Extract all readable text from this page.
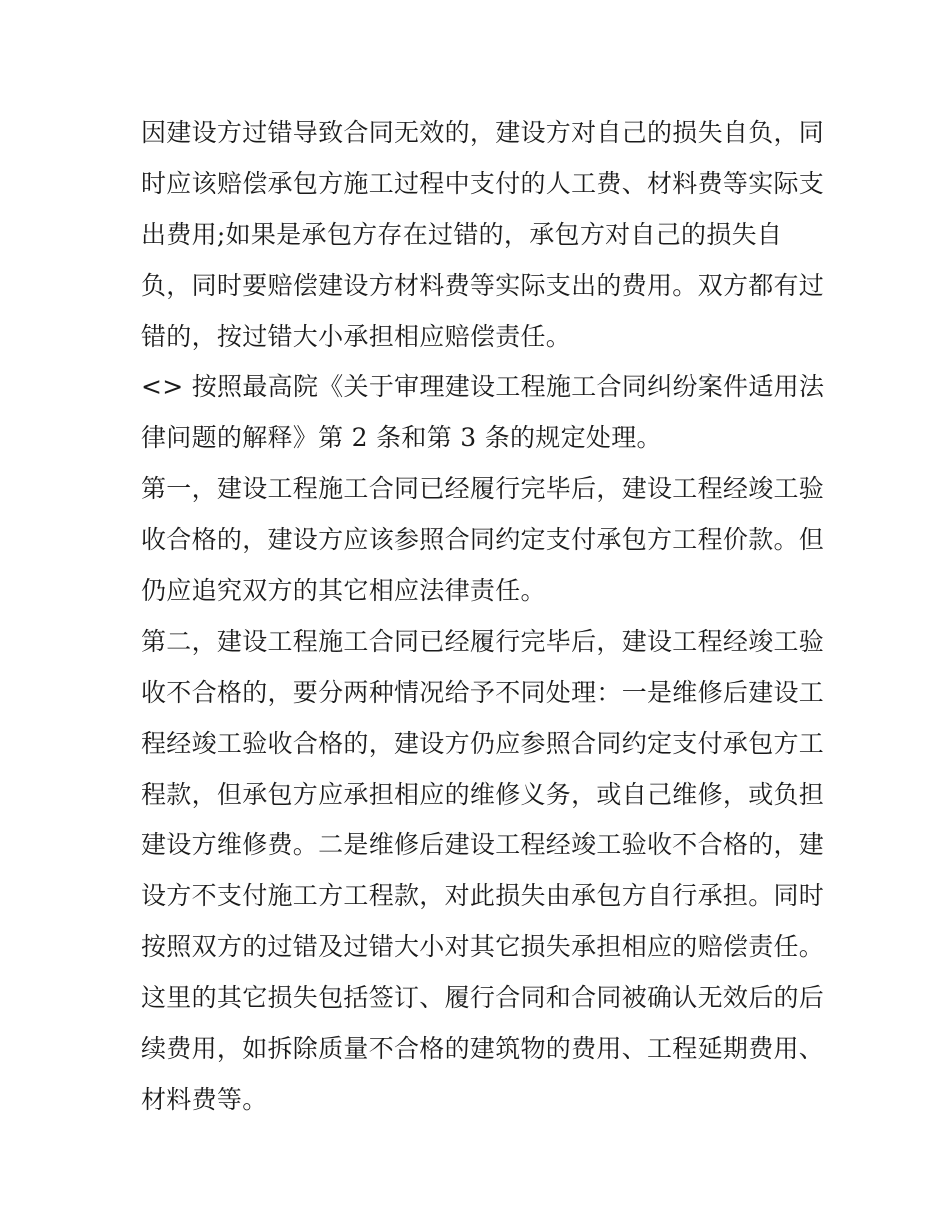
因建设方过错导致合同无效的，建设方对自己的损失自负，同
时应该赔偿承包方施工过程中支付的人工费、材料费等实际支
出费用;如果是承包方存在过错的，承包方对自己的损失自
负，同时要赔偿建设方材料费等实际支出的费用。双方都有过
错的，按过错大小承担相应赔偿责任。
<> 按照最高院《关于审理建设工程施工合同纠纷案件适用法
律问题的解释》第 2 条和第 3 条的规定处理。
第一，建设工程施工合同已经履行完毕后，建设工程经竣工验
收合格的，建设方应该参照合同约定支付承包方工程价款。但
仍应追究双方的其它相应法律责任。
第二，建设工程施工合同已经履行完毕后，建设工程经竣工验
收不合格的，要分两种情况给予不同处理：一是维修后建设工
程经竣工验收合格的，建设方仍应参照合同约定支付承包方工
程款，但承包方应承担相应的维修义务，或自己维修，或负担
建设方维修费。二是维修后建设工程经竣工验收不合格的，建
设方不支付施工方工程款，对此损失由承包方自行承担。同时
按照双方的过错及过错大小对其它损失承担相应的赔偿责任。
这里的其它损失包括签订、履行合同和合同被确认无效后的后
续费用，如拆除质量不合格的建筑物的费用、工程延期费用、
材料费等。
